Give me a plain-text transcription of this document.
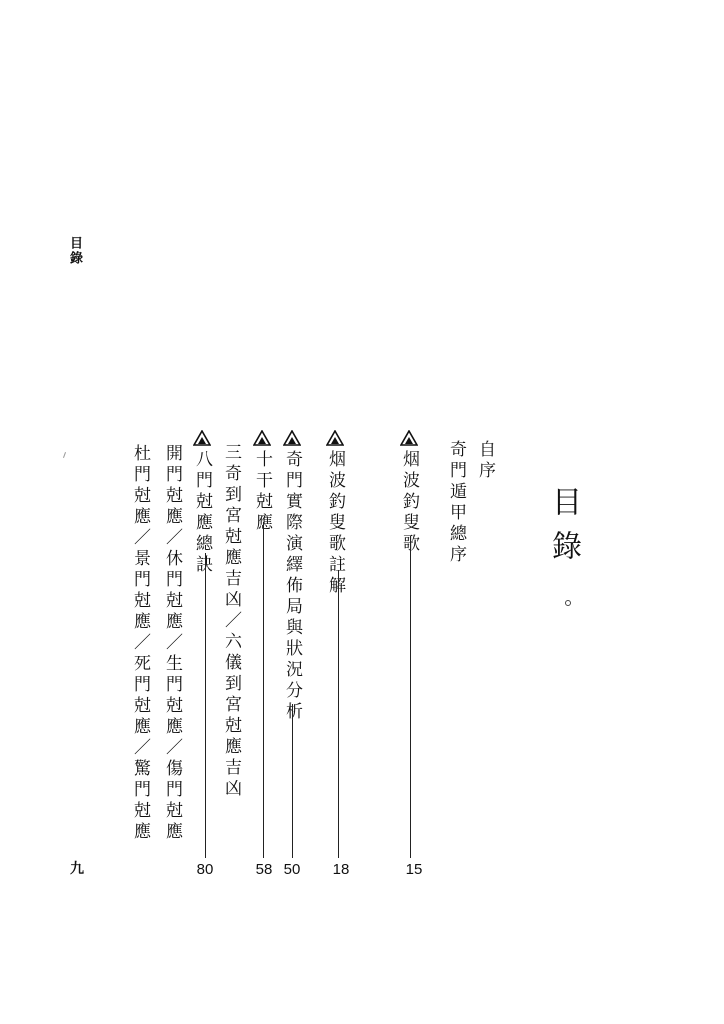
目錄
九
目錄
自序
奇門遁甲總序
烟波釣叟歌
15
烟波釣叟歌註解
18
奇門實際演繹佈局與狀況分析
50
十干尅應
58
三奇到宮尅應吉凶／六儀到宮尅應吉凶
八門尅應總訣
80
開門尅應／休門尅應／生門尅應／傷門尅應
杜門尅應／景門尅應／死門尅應／驚門尅應
